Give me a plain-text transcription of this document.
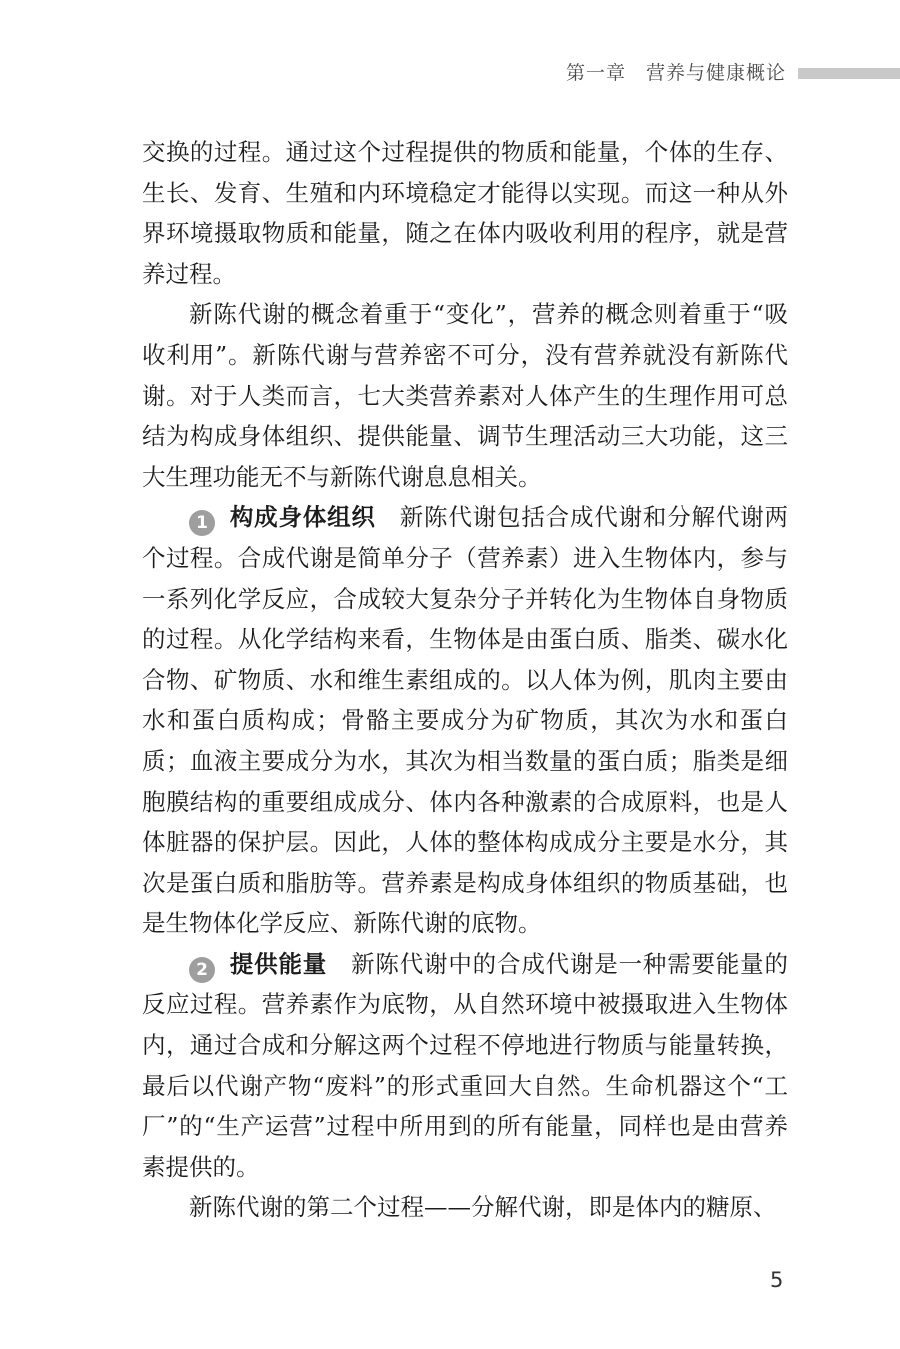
第一章　营养与健康概论

交换的过程。通过这个过程提供的物质和能量，个体的生存、生长、发育、生殖和内环境稳定才能得以实现。而这一种从外界环境摄取物质和能量，随之在体内吸收利用的程序，就是营养过程。

新陈代谢的概念着重于“变化”，营养的概念则着重于“吸收利用”。新陈代谢与营养密不可分，没有营养就没有新陈代谢。对于人类而言，七大类营养素对人体产生的生理作用可总结为构成身体组织、提供能量、调节生理活动三大功能，这三大生理功能无不与新陈代谢息息相关。

1 构成身体组织 新陈代谢包括合成代谢和分解代谢两个过程。合成代谢是简单分子（营养素）进入生物体内，参与一系列化学反应，合成较大复杂分子并转化为生物体自身物质的过程。从化学结构来看，生物体是由蛋白质、脂类、碳水化合物、矿物质、水和维生素组成的。以人体为例，肌肉主要由水和蛋白质构成；骨骼主要成分为矿物质，其次为水和蛋白质；血液主要成分为水，其次为相当数量的蛋白质；脂类是细胞膜结构的重要组成成分、体内各种激素的合成原料，也是人体脏器的保护层。因此，人体的整体构成成分主要是水分，其次是蛋白质和脂肪等。营养素是构成身体组织的物质基础，也是生物体化学反应、新陈代谢的底物。

2 提供能量 新陈代谢中的合成代谢是一种需要能量的反应过程。营养素作为底物，从自然环境中被摄取进入生物体内，通过合成和分解这两个过程不停地进行物质与能量转换，最后以代谢产物“废料”的形式重回大自然。生命机器这个“工厂”的“生产运营”过程中所用到的所有能量，同样也是由营养素提供的。

新陈代谢的第二个过程——分解代谢，即是体内的糖原、

5
